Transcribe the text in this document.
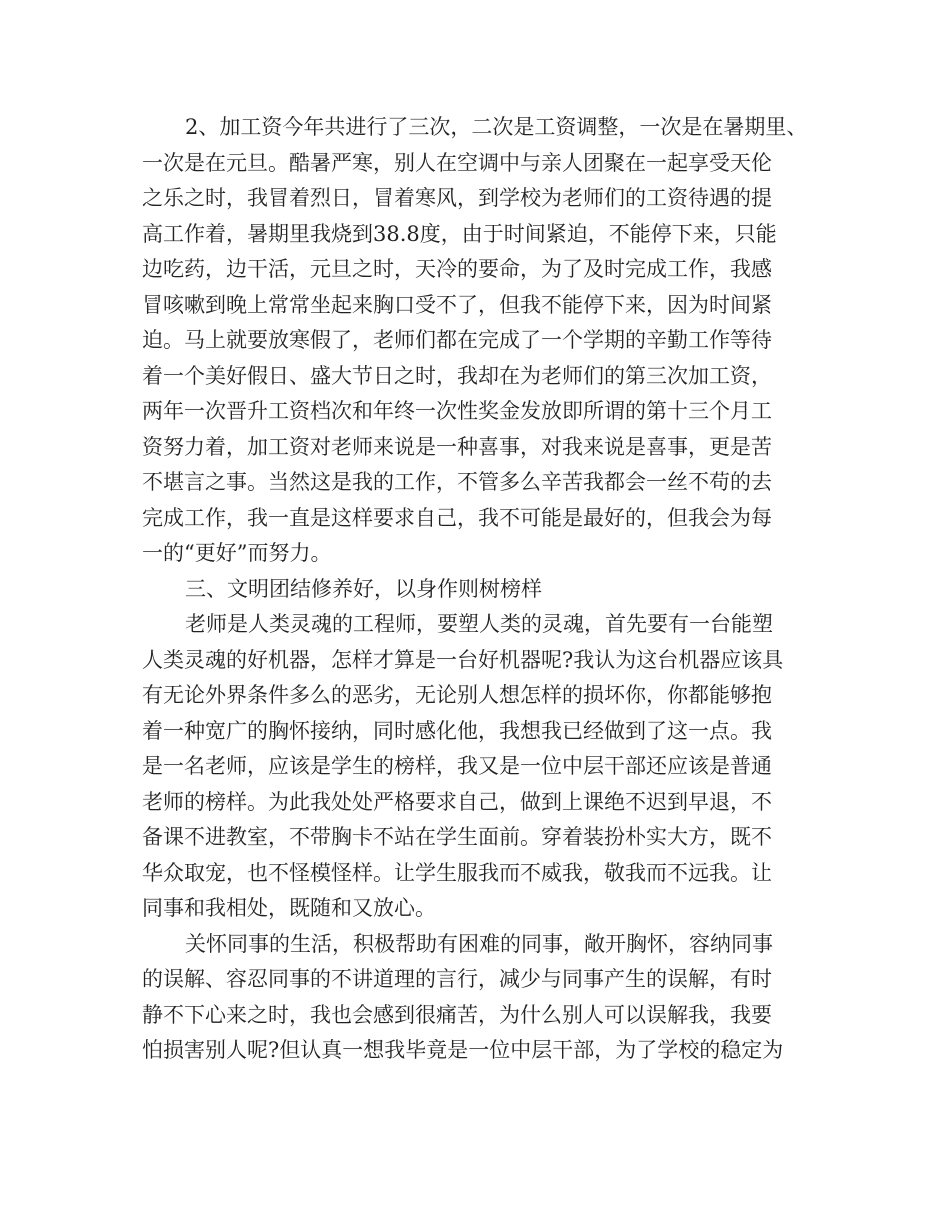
2、加工资今年共进行了三次，二次是工资调整，一次是在暑期里、
一次是在元旦。酷暑严寒，别人在空调中与亲人团聚在一起享受天伦
之乐之时，我冒着烈日，冒着寒风，到学校为老师们的工资待遇的提
高工作着，暑期里我烧到38.8度，由于时间紧迫，不能停下来，只能
边吃药，边干活，元旦之时，天冷的要命，为了及时完成工作，我感
冒咳嗽到晚上常常坐起来胸口受不了，但我不能停下来，因为时间紧
迫。马上就要放寒假了，老师们都在完成了一个学期的辛勤工作等待
着一个美好假日、盛大节日之时，我却在为老师们的第三次加工资，
两年一次晋升工资档次和年终一次性奖金发放即所谓的第十三个月工
资努力着，加工资对老师来说是一种喜事，对我来说是喜事，更是苦
不堪言之事。当然这是我的工作，不管多么辛苦我都会一丝不苟的去
完成工作，我一直是这样要求自己，我不可能是最好的，但我会为每
一的“更好”而努力。
三、文明团结修养好，以身作则树榜样
老师是人类灵魂的工程师，要塑人类的灵魂，首先要有一台能塑
人类灵魂的好机器，怎样才算是一台好机器呢?我认为这台机器应该具
有无论外界条件多么的恶劣，无论别人想怎样的损坏你，你都能够抱
着一种宽广的胸怀接纳，同时感化他，我想我已经做到了这一点。我
是一名老师，应该是学生的榜样，我又是一位中层干部还应该是普通
老师的榜样。为此我处处严格要求自己，做到上课绝不迟到早退，不
备课不进教室，不带胸卡不站在学生面前。穿着装扮朴实大方，既不
华众取宠，也不怪模怪样。让学生服我而不威我，敬我而不远我。让
同事和我相处，既随和又放心。
关怀同事的生活，积极帮助有困难的同事，敞开胸怀，容纳同事
的误解、容忍同事的不讲道理的言行，减少与同事产生的误解，有时
静不下心来之时，我也会感到很痛苦，为什么别人可以误解我，我要
怕损害别人呢?但认真一想我毕竟是一位中层干部，为了学校的稳定为
